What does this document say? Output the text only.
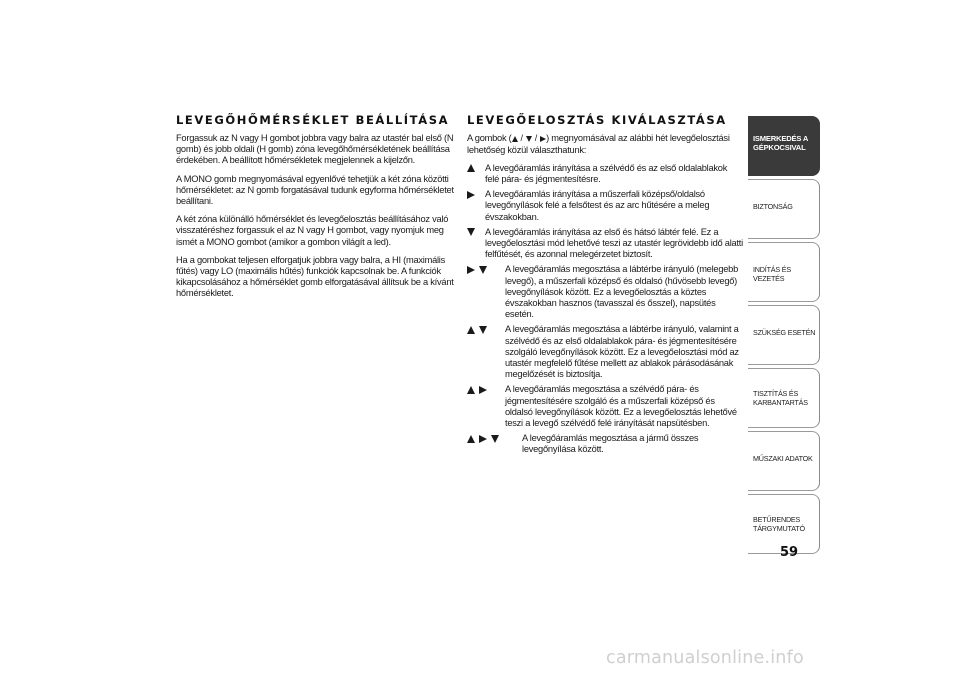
LEVEGŐHŐMÉRSÉKLET BEÁLLÍTÁSA

Forgassuk az N vagy H gombot jobbra vagy balra az utastér bal első (N gomb) és jobb oldali (H gomb) zóna levegőhőmérsékletének beállítása érdekében. A beállított hőmérsékletek megjelennek a kijelzőn.

A MONO gomb megnyomásával egyenlővé tehetjük a két zóna közötti hőmérsékletet: az N gomb forgatásával tudunk egyforma hőmérsékletet beállítani.

A két zóna különálló hőmérséklet és levegőelosztás beállításához való visszatéréshez forgassuk el az N vagy H gombot, vagy nyomjuk meg ismét a MONO gombot (amikor a gombon világít a led).

Ha a gombokat teljesen elforgatjuk jobbra vagy balra, a HI (maximális fűtés) vagy LO (maximális hűtés) funkciók kapcsolnak be. A funkciók kikapcsolásához a hőmérséklet gomb elforgatásával állítsuk be a kívánt hőmérsékletet.

LEVEGŐELOSZTÁS KIVÁLASZTÁSA

A gombok ( / / ) megnyomásával az alábbi hét levegőelosztási lehetőség közül választhatunk:

A levegőáramlás irányítása a szélvédő és az első oldalablakok felé pára- és jégmentesítésre.
A levegőáramlás irányítása a műszerfali középső/oldalsó levegőnyílások felé a felsőtest és az arc hűtésére a meleg évszakokban.
A levegőáramlás irányítása az első és hátsó lábtér felé. Ez a levegőelosztási mód lehetővé teszi az utastér legrövidebb idő alatti felfűtését, és azonnal melegérzetet biztosít.
A levegőáramlás megosztása a lábtérbe irányuló (melegebb levegő), a műszerfali középső és oldalsó (hűvösebb levegő) levegőnyílások között. Ez a levegőelosztás a köztes évszakokban hasznos (tavasszal és ősszel), napsütés esetén.
A levegőáramlás megosztása a lábtérbe irányuló, valamint a szélvédő és az első oldalablakok pára- és jégmentesítésére szolgáló levegőnyílások között. Ez a levegőelosztási mód az utastér megfelelő fűtése mellett az ablakok párásodásának megelőzését is biztosítja.
A levegőáramlás megosztása a szélvédő pára- és jégmentesítésére szolgáló és a műszerfali középső és oldalsó levegőnyílások között. Ez a levegőelosztás lehetővé teszi a levegő szélvédő felé irányítását napsütésben.
A levegőáramlás megosztása a jármű összes levegőnyílása között.
ISMERKEDÉS A
GÉPKOCSIVAL
BIZTONSÁG
INDÍTÁS ÉS VEZETÉS
SZÜKSÉG ESETÉN
TISZTÍTÁS ÉS
KARBANTARTÁS
MŰSZAKI ADATOK
BETŰRENDES
TÁRGYMUTATÓ
59
carmanualsonline.info
